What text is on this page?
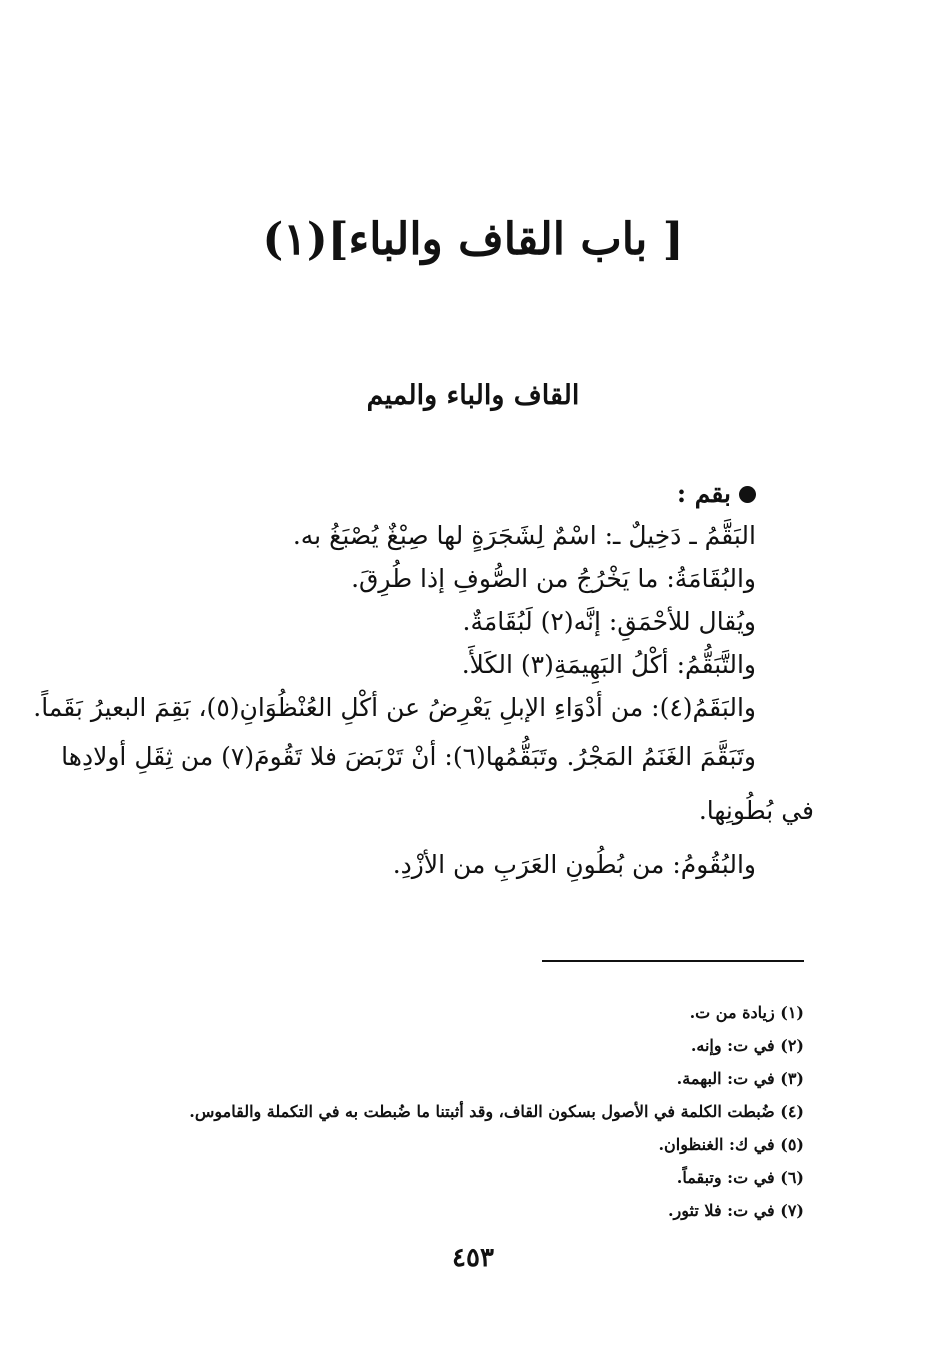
[ باب القاف والباء](١)
القاف والباء والميم
بقم :
البَقَّمُ ـ دَخِيلٌ ـ: اسْمٌ لِشَجَرَةٍ لها صِبْغٌ يُصْبَغُ به.
والبُقَامَةُ: ما يَخْرُجُ من الصُّوفِ إذا طُرِقَ.
ويُقال للأحْمَقِ: إنَّه(٢) لَبُقَامَةٌ.
والتَّبَقُّمُ: أكْلُ البَهِيمَةِ(٣) الكَلأَ.
والبَقَمُ(٤): من أدْوَاءِ الإبلِ يَعْرِضُ عن أكْلِ العُنْظُوَانِ(٥)، بَقِمَ البعيرُ بَقَماً.
وتَبَقَّمَ الغَنَمُ المَجْرُ. وتَبَقُّمُها(٦): أنْ تَرْبَضَ فلا تَقُومَ(٧) من ثِقَلِ أولادِها
في بُطُونِها.
والبُقُومُ: من بُطُونِ العَرَبِ من الأزْدِ.
(١) زيادة من ت.
(٢) في ت: وإنه.
(٣) في ت: البهمة.
(٤) ضُبطت الكلمة في الأصول بسكون القاف، وقد أثبتنا ما ضُبطت به في التكملة والقاموس.
(٥) في ك: الغنظوان.
(٦) في ت: وتبقماً.
(٧) في ت: فلا تثور.
٤٥٣
